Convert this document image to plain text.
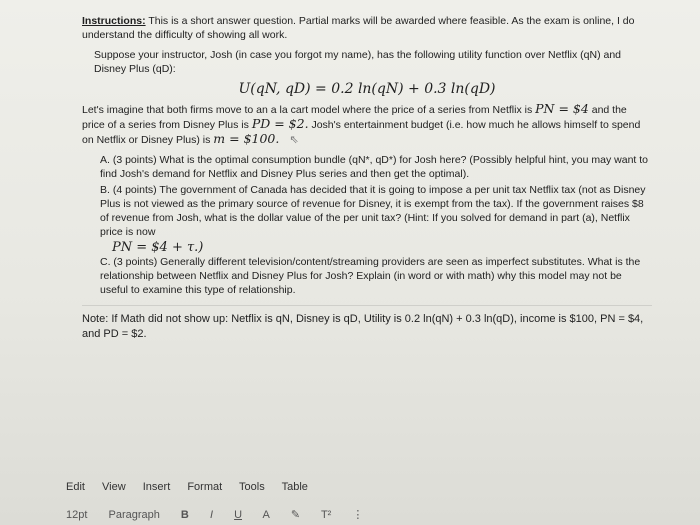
Instructions: This is a short answer question. Partial marks will be awarded where feasible. As the exam is online, I do understand the difficulty of showing all work.

Suppose your instructor, Josh (in case you forgot my name), has the following utility function over Netflix (qN) and Disney Plus (qD):

U(qN, qD) = 0.2 ln(qN) + 0.3 ln(qD)

Let's imagine that both firms move to an a la cart model where the price of a series from Netflix is PN = $4 and the price of a series from Disney Plus is PD = $2. Josh's entertainment budget (i.e. how much he allows himself to spend on Netflix or Disney Plus) is m = $100. ⇖

A. (3 points) What is the optimal consumption bundle (qN*, qD*) for Josh here? (Possibly helpful hint, you may want to find Josh's demand for Netflix and Disney Plus series and then get the optimal).

B. (4 points) The government of Canada has decided that it is going to impose a per unit tax Netflix tax (not as Disney Plus is not viewed as the primary source of revenue for Disney, it is exempt from the tax). If the government raises $8 of revenue from Josh, what is the dollar value of the per unit tax? (Hint: If you solved for demand in part (a), Netflix price is now

PN = $4 + τ.)

C. (3 points) Generally different television/content/streaming providers are seen as imperfect substitutes. What is the relationship between Netflix and Disney Plus for Josh? Explain (in word or with math) why this model may not be useful to examine this type of relationship.

Note: If Math did not show up: Netflix is qN, Disney is qD, Utility is 0.2 ln(qN) + 0.3 ln(qD), income is $100, PN = $4, and PD = $2.

Edit View Insert Format Tools Table
12pt Paragraph B I U A ✎ T² ⋮
